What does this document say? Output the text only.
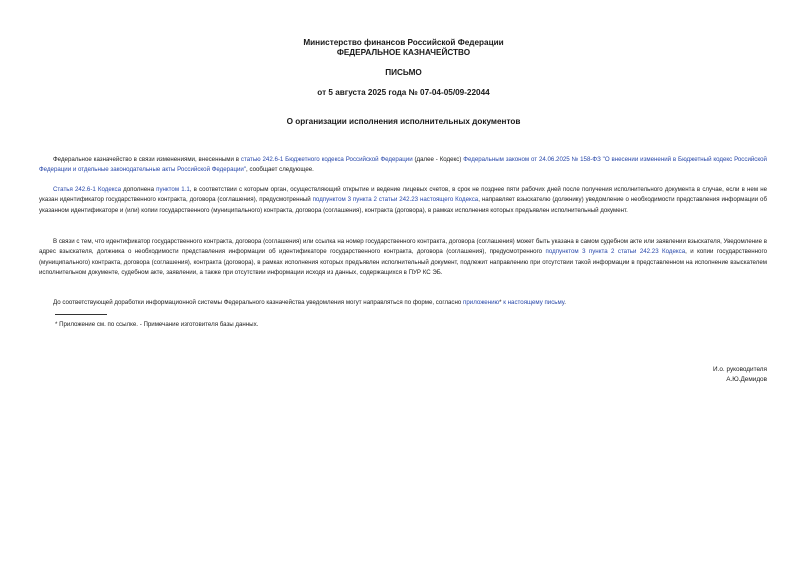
Министерство финансов Российской Федерации
ФЕДЕРАЛЬНОЕ КАЗНАЧЕЙСТВО
ПИСЬМО
от 5 августа 2025 года № 07-04-05/09-22044
О организации исполнения исполнительных документов
Федеральное казначейство в связи изменениями, внесенными в статью 242.6-1 Бюджетного кодекса Российской Федерации (далее - Кодекс) Федеральным законом от 24.06.2025 № 158-ФЗ "О внесении изменений в Бюджетный кодекс Российской Федерации и отдельные законодательные акты Российской Федерации", сообщает следующее.
Статья 242.6-1 Кодекса дополнена пунктом 1.1, в соответствии с которым орган, осуществляющий открытие и ведение лицевых счетов, в срок не позднее пяти рабочих дней после получения исполнительного документа в случае, если в нем не указан идентификатор государственного контракта, договора (соглашения), предусмотренный подпунктом 3 пункта 2 статьи 242.23 настоящего Кодекса, направляет взыскателю (должнику) уведомление о необходимости представления информации об указанном идентификаторе и (или) копии государственного (муниципального) контракта, договора (соглашения), контракта (договора), в рамках исполнения которых предъявлен исполнительный документ.
В связи с тем, что идентификатор государственного контракта, договора (соглашения) или ссылка на номер государственного контракта, договора (соглашения) может быть указана в самом судебном акте или заявлении взыскателя, Уведомление в адрес взыскателя, должника о необходимости представления информации об идентификаторе государственного контракта, договора (соглашения), предусмотренного подпунктом 3 пункта 2 статьи 242.23 Кодекса, и копии государственного (муниципального) контракта, договора (соглашения), контракта (договора), в рамках исполнения которых предъявлен исполнительный документ, подлежит направлению при отсутствии такой информации в представленном на исполнение взыскателем исполнительном документе, судебном акте, заявлении, а также при отсутствии информации исходя из данных, содержащихся в ПУР КС ЭБ.
До соответствующей доработки информационной системы Федерального казначейства уведомления могут направляться по форме, согласно приложению* к настоящему письму.
* Приложение см. по ссылке. - Примечание изготовителя базы данных.
И.о. руководителя
А.Ю.Демидов
